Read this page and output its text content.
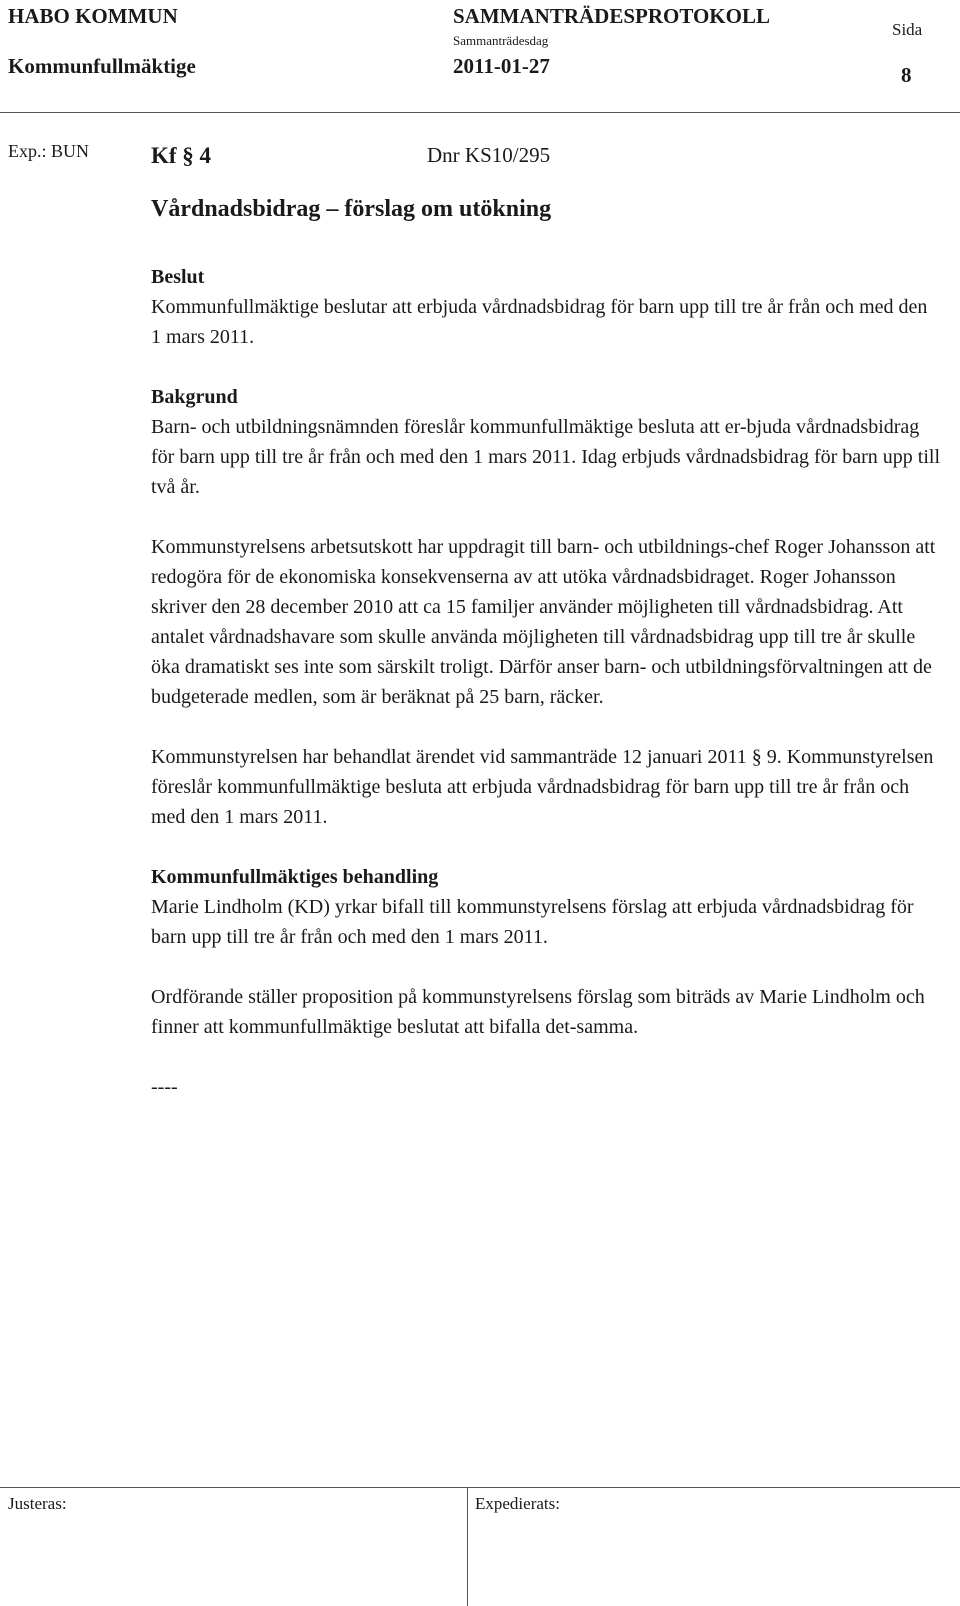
HABO KOMMUN
Kommunfullmäktige
SAMMANTRÄDESPROTOKOLL
Sammanträdesdag
2011-01-27
Sida
8
Exp.: BUN	Kf § 4	Dnr KS10/295
Vårdnadsbidrag – förslag om utökning

Beslut

Kommunfullmäktige beslutar att erbjuda vårdnadsbidrag för barn upp till tre år från och med den 1 mars 2011.

Bakgrund

Barn- och utbildningsnämnden föreslår kommunfullmäktige besluta att er-bjuda vårdnadsbidrag för barn upp till tre år från och med den 1 mars 2011. Idag erbjuds vårdnadsbidrag för barn upp till två år.

Kommunstyrelsens arbetsutskott har uppdragit till barn- och utbildnings-chef Roger Johansson att redogöra för de ekonomiska konsekvenserna av att utöka vårdnadsbidraget. Roger Johansson skriver den 28 december 2010 att ca 15 familjer använder möjligheten till vårdnadsbidrag. Att antalet vårdnadshavare som skulle använda möjligheten till vårdnadsbidrag upp till tre år skulle öka dramatiskt ses inte som särskilt troligt. Därför anser barn- och utbildningsförvaltningen att de budgeterade medlen, som är beräknat på 25 barn, räcker.

Kommunstyrelsen har behandlat ärendet vid sammanträde 12 januari 2011 § 9. Kommunstyrelsen föreslår kommunfullmäktige besluta att erbjuda vårdnadsbidrag för barn upp till tre år från och med den 1 mars 2011.

Kommunfullmäktiges behandling

Marie Lindholm (KD) yrkar bifall till kommunstyrelsens förslag att erbjuda vårdnadsbidrag för barn upp till tre år från och med den 1 mars 2011.

Ordförande ställer proposition på kommunstyrelsens förslag som biträds av Marie Lindholm och finner att kommunfullmäktige beslutat att bifalla det-samma.

----

Justeras:	Expedierats:
